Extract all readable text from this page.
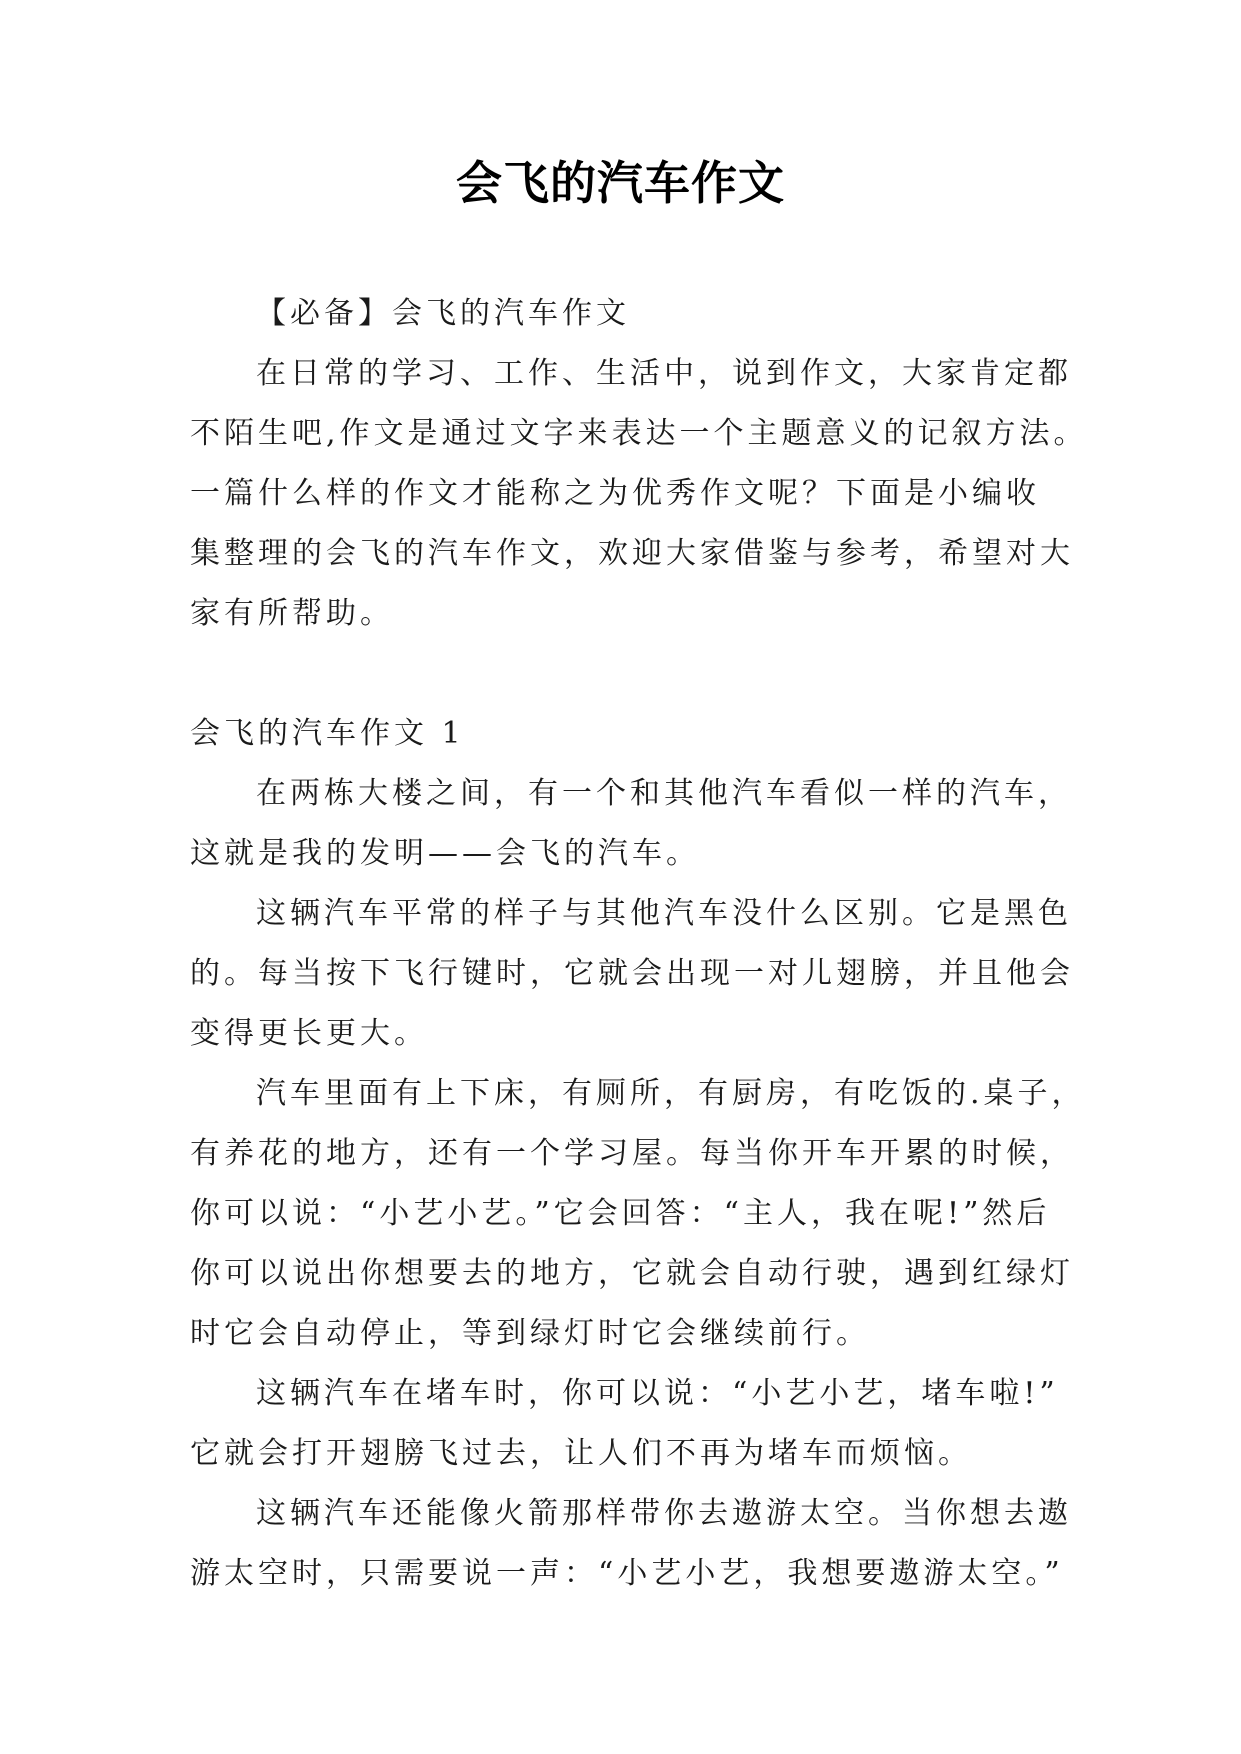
会飞的汽车作文
【必备】会飞的汽车作文
在日常的学习、工作、生活中，说到作文，大家肯定都
不陌生吧,作文是通过文字来表达一个主题意义的记叙方法。
一篇什么样的作文才能称之为优秀作文呢？下面是小编收
集整理的会飞的汽车作文，欢迎大家借鉴与参考，希望对大
家有所帮助。
会飞的汽车作文 1
在两栋大楼之间，有一个和其他汽车看似一样的汽车，
这就是我的发明——会飞的汽车。
这辆汽车平常的样子与其他汽车没什么区别。它是黑色
的。每当按下飞行键时，它就会出现一对儿翅膀，并且他会
变得更长更大。
汽车里面有上下床，有厕所，有厨房，有吃饭的.桌子，
有养花的地方，还有一个学习屋。每当你开车开累的时候，
你可以说：“小艺小艺。”它会回答：“主人，我在呢!”然后
你可以说出你想要去的地方，它就会自动行驶，遇到红绿灯
时它会自动停止，等到绿灯时它会继续前行。
这辆汽车在堵车时，你可以说：“小艺小艺，堵车啦!”
它就会打开翅膀飞过去，让人们不再为堵车而烦恼。
这辆汽车还能像火箭那样带你去遨游太空。当你想去遨
游太空时，只需要说一声：“小艺小艺，我想要遨游太空。”
